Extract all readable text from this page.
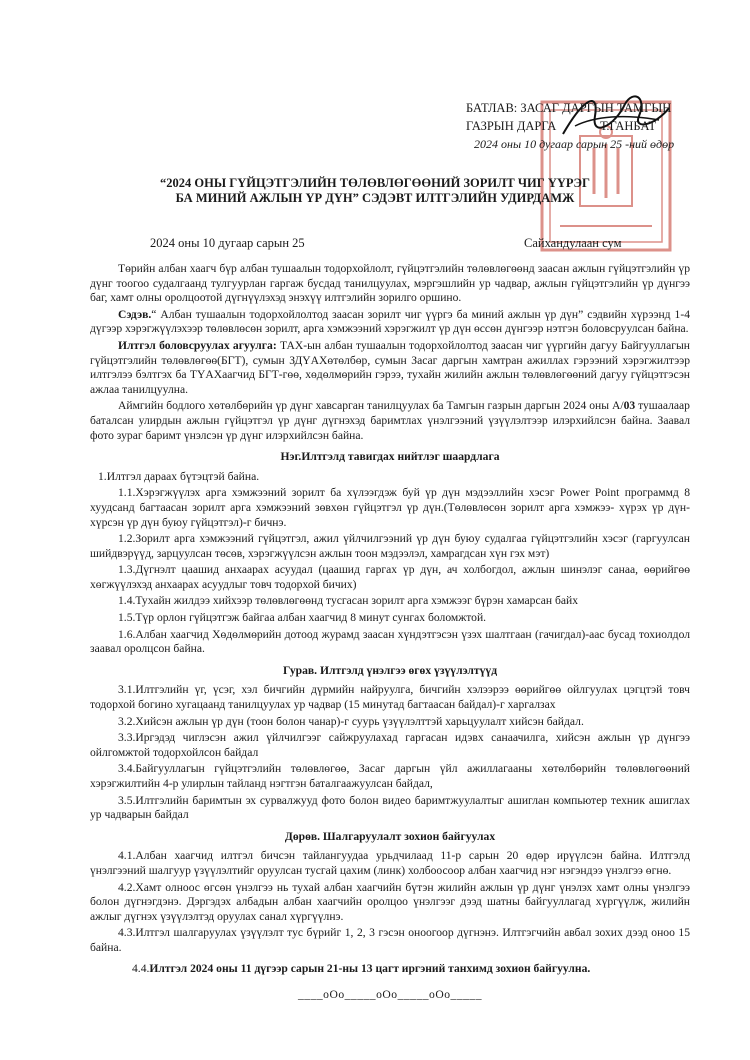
БАТЛАВ: ЗАСАГ ДАРГЫН ТАМГЫН
ГАЗРЫН ДАРГА              Т.ГАНБАТ
2024 оны 10 дугаар сарын 25 -ний өдөр
“2024 ОНЫ ГҮЙЦЭТГЭЛИЙН ТӨЛӨВЛӨГӨӨНИЙ ЗОРИЛТ ЧИГ ҮҮРЭГ
БА МИНИЙ АЖЛЫН ҮР ДҮН” СЭДЭВТ ИЛТГЭЛИЙН УДИРДАМЖ
2024 оны 10 дугаар сарын 25	Сайхандулаан сум

Төрийн албан хаагч бүр албан тушаалын тодорхойлолт, гүйцэтгэлийн төлөвлөгөөнд заасан ажлын гүйцэтгэлийн үр дүнг тоогоо судалгаанд тулгуурлан гаргаж бусдад танилцуулах, мэргэшлийн ур чадвар, ажлын гүйцэтгэлийн үр дүнгээ баг, хамт олны оролцоотой дүгнүүлэхэд энэхүү илтгэлийн зорилго оршино.

Сэдэв.“ Албан тушаалын тодорхойлолтод заасан зорилт чиг үүргэ ба миний ажлын үр дүн” сэдвийн хүрээнд 1-4 дүгээр хэрэгжүүлэхээр төлөвлөсөн зорилт, арга хэмжээний хэрэгжилт үр дүн өссөн дүнгээр нэтгэн боловсруулсан байна.

Илтгэл боловсруулах агуулга: ТАХ-ын албан тушаалын тодорхойлолтод заасан чиг үүргийн дагуу Байгууллагын гүйцэтгэлийн төлөвлөгөө(БГТ), сумын ЗДҮАХөтөлбөр, сумын Засаг даргын хамтран ажиллах гэрээний хэрэгжилтээр илтгэлээ бэлтгэх ба ТҮАХаагчид БГТ-гөө, хөдөлмөрийн гэрээ, тухайн жилийн ажлын төлөвлөгөөний дагуу гүйцэтгэсэн ажлаа танилцуулна.

Аймгийн бодлого хөтөлбөрийн үр дүнг хавсарган танилцуулах ба Тамгын газрын даргын 2024 оны А/03 тушаалаар баталсан улирдын ажлын гүйцэтгэл үр дүнг дүгнэхэд баримтлах үнэлгээний үзүүлэлтээр илэрхийлсэн байна. Заавал фото зураг баримт үнэлсэн үр дүнг илэрхийлсэн байна.

Нэг.Илтгэлд тавигдах нийтлэг шаардлага

1.Илтгэл дараах бүтэцтэй байна.

1.1.Хэрэгжүүлэх арга хэмжээний зорилт ба хүлээгдэж буй үр дүн мэдээллийн хэсэг Power Point программд 8 хуудсанд багтаасан зорилт арга хэмжээний зөвхөн гүйцэтгэл үр дүн.(Төлөвлөсөн зорилт арга хэмжээ- хүрэх үр дүн- хүрсэн үр дүн буюу гүйцэтгэл)-г бичнэ.

1.2.Зорилт арга хэмжээний гүйцэтгэл, ажил үйлчилгээний үр дүн буюу судалгаа гүйцэтгэлийн хэсэг (гаргуулсан шийдвэрүүд, зарцуулсан төсөв, хэрэгжүүлсэн ажлын тоон мэдээлэл, хамрагдсан хүн гэх мэт)

1.3.Дүгнэлт цаашид анхаарах асуудал (цаашид гаргах үр дүн, ач холбогдол, ажлын шинэлэг санаа, өөрийгөө хөгжүүлэхэд анхаарах асуудлыг товч тодорхой бичих)

1.4.Тухайн жилдээ хийхээр төлөвлөгөөнд тусгасан зорилт арга хэмжээг бүрэн хамарсан байх

1.5.Түр орлон гүйцэтгэж байгаа албан хаагчид 8 минут сунгах боломжтой.

1.6.Албан хаагчид Хөдөлмөрийн дотоод журамд заасан хүндэтгэсэн үзэх шалтгаан (гачигдал)-аас бусад тохиолдол заавал оролцсон байна.

Гурав. Илтгэлд үнэлгээ өгөх үзүүлэлтүүд

3.1.Илтгэлийн үг, үсэг, хэл бичгийн дүрмийн найруулга, бичгийн хэлээрээ өөрийгөө ойлгуулах цэгцтэй товч тодорхой богино хугацаанд танилцуулах ур чадвар (15 минутад багтаасан байдал)-г харгалзах

3.2.Хийсэн ажлын үр дүн (тоон болон чанар)-г суурь үзүүлэлттэй харьцуулалт хийсэн байдал.

3.3.Иргэдэд чиглэсэн ажил үйлчилгээг сайжруулахад гаргасан идэвх санаачилга, хийсэн ажлын үр дүнгээ ойлгомжтой тодорхойлсон байдал

3.4.Байгууллагын гүйцэтгэлийн төлөвлөгөө, Засаг даргын үйл ажиллагааны хөтөлбөрийн төлөвлөгөөний хэрэгжилтийн 4-р улирлын тайланд нэгтгэн баталгаажуулсан байдал,

3.5.Илтгэлийн баримтын эх сурвалжууд фото болон видео баримтжуулалтыг ашиглан компьютер техник ашиглах ур чадварын байдал

Дөрөв. Шалгаруулалт зохион байгуулах

4.1.Албан хаагчид илтгэл бичсэн тайлангуудаа урьдчилаад 11-р сарын 20 өдөр ирүүлсэн байна. Илтгэлд үнэлгээний шалгуур үзүүлэлтийг оруулсан тусгай цахим (линк) холбоосоор албан хаагчид нэг нэгэндээ үнэлгээ өгнө.

4.2.Хамт олноос өгсөн үнэлгээ нь тухай албан хаагчийн бүтэн жилийн ажлын үр дүнг үнэлэх хамт олны үнэлгээ болон дүгнэгдэнэ. Дэргэдэх албадын албан хаагчийн оролцоо үнэлгээг дээд шатны байгууллагад хүргүүлж, жилийн ажлыг дүгнэх үзүүлэлтэд оруулах санал хүргүүлнэ.

4.3.Илтгэл шалгаруулах үзүүлэлт тус бүрийг 1, 2, 3 гэсэн оноогоор дүгнэнэ. Илтгэгчийн авбал зохих дээд оноо 15 байна.

4.4.Илтгэл 2024 оны 11 дүгээр сарын 21-ны 13 цагт иргэний танхимд зохион байгуулна.

____oOo_____oOo_____oOo_____
